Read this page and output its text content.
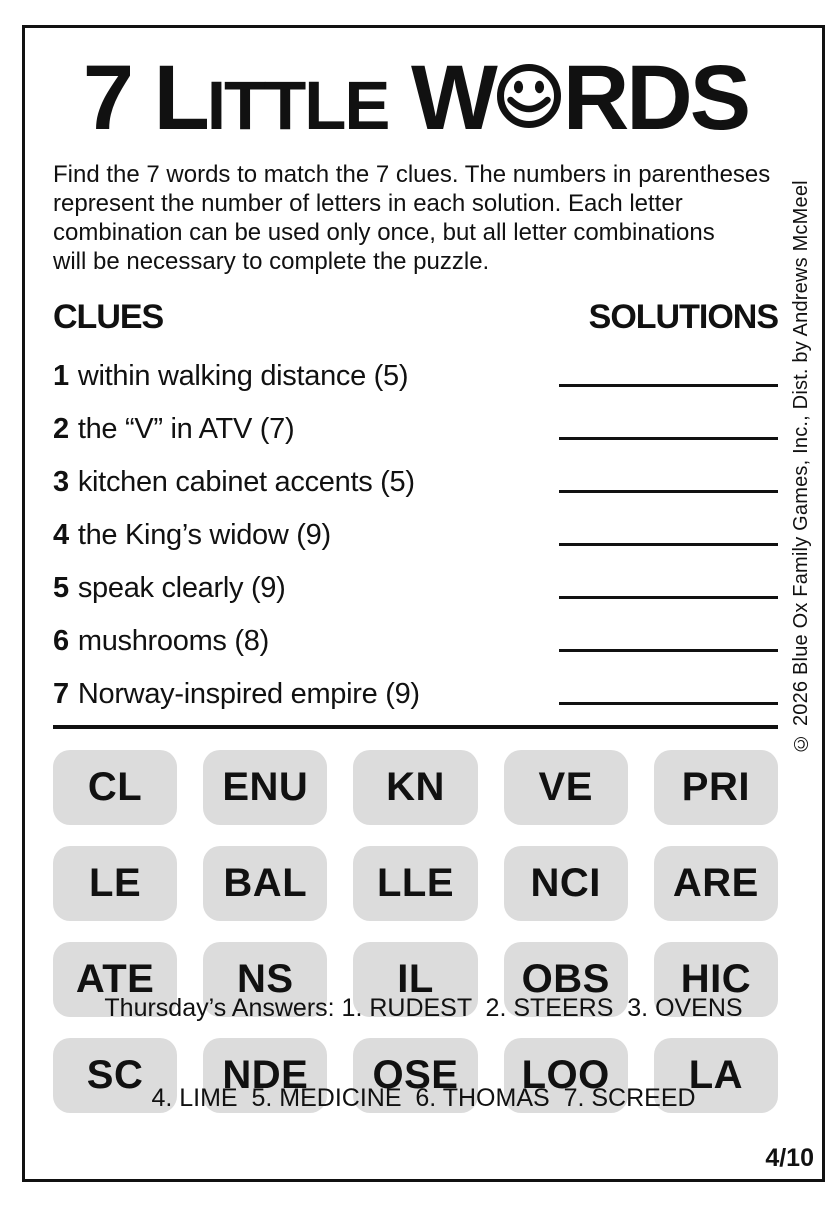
7 L ITTLE
W RDS
Find the 7 words to match the 7 clues. The numbers in parentheses
represent the number of letters in each solution. Each letter
combination can be used only once, but all letter combinations
will be necessary to complete the puzzle.
CLUES	SOLUTIONS
1 within walking distance (5)
2 the “V” in ATV (7)
3 kitchen cabinet accents (5)
4 the King’s widow (9)
5 speak clearly (9)
6 mushrooms (8)
7 Norway-inspired empire (9)
CL	ENU	KN	VE	PRI
LE	BAL	LLE	NCI	ARE
ATE	NS	IL	OBS	HIC
SC	NDE	OSE	LOO	LA

Thursday’s Answers: 1. RUDEST  2. STEERS  3. OVENS

4. LIME  5. MEDICINE  6. THOMAS  7. SCREED

4/10
© 2026 Blue Ox Family Games, Inc., Dist. by Andrews McMeel
